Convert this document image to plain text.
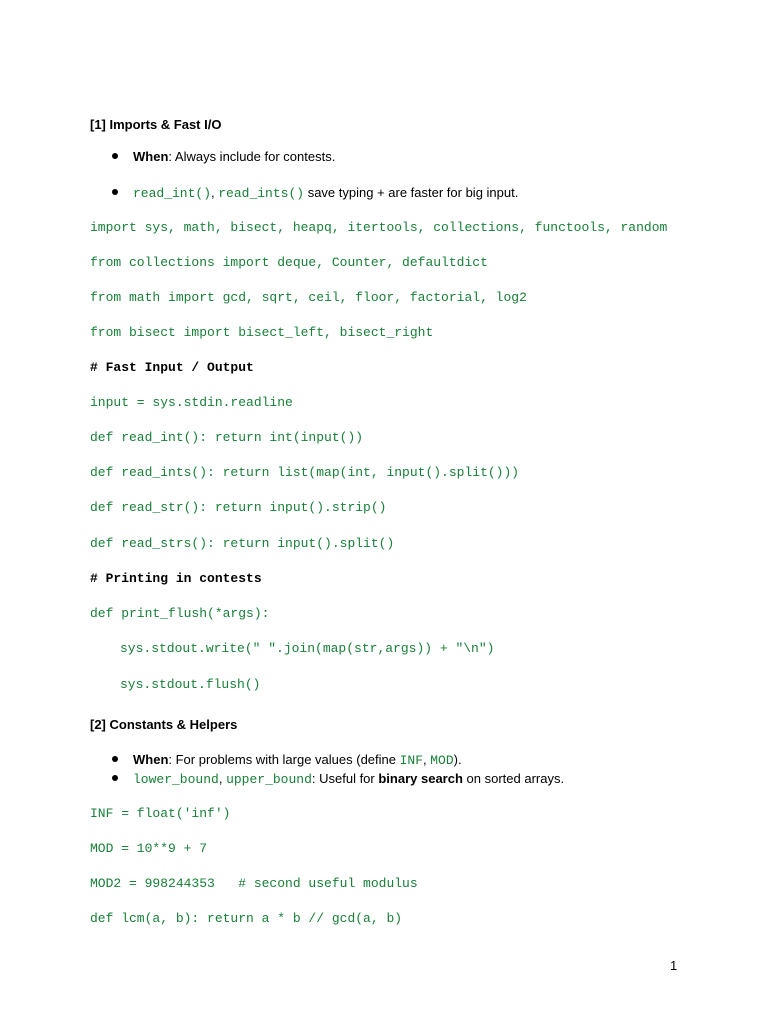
[1] Imports & Fast I/O
When: Always include for contests.
read_int(), read_ints() save typing + are faster for big input.
import sys, math, bisect, heapq, itertools, collections, functools, random
from collections import deque, Counter, defaultdict
from math import gcd, sqrt, ceil, floor, factorial, log2
from bisect import bisect_left, bisect_right
# Fast Input / Output
input = sys.stdin.readline
def read_int(): return int(input())
def read_ints(): return list(map(int, input().split()))
def read_str(): return input().strip()
def read_strs(): return input().split()
# Printing in contests
def print_flush(*args):
sys.stdout.write(" ".join(map(str,args)) + "\n")
sys.stdout.flush()
[2] Constants & Helpers
When: For problems with large values (define INF, MOD).
lower_bound, upper_bound: Useful for binary search on sorted arrays.
INF = float('inf')
MOD = 10**9 + 7
MOD2 = 998244353   # second useful modulus
def lcm(a, b): return a * b // gcd(a, b)
1
